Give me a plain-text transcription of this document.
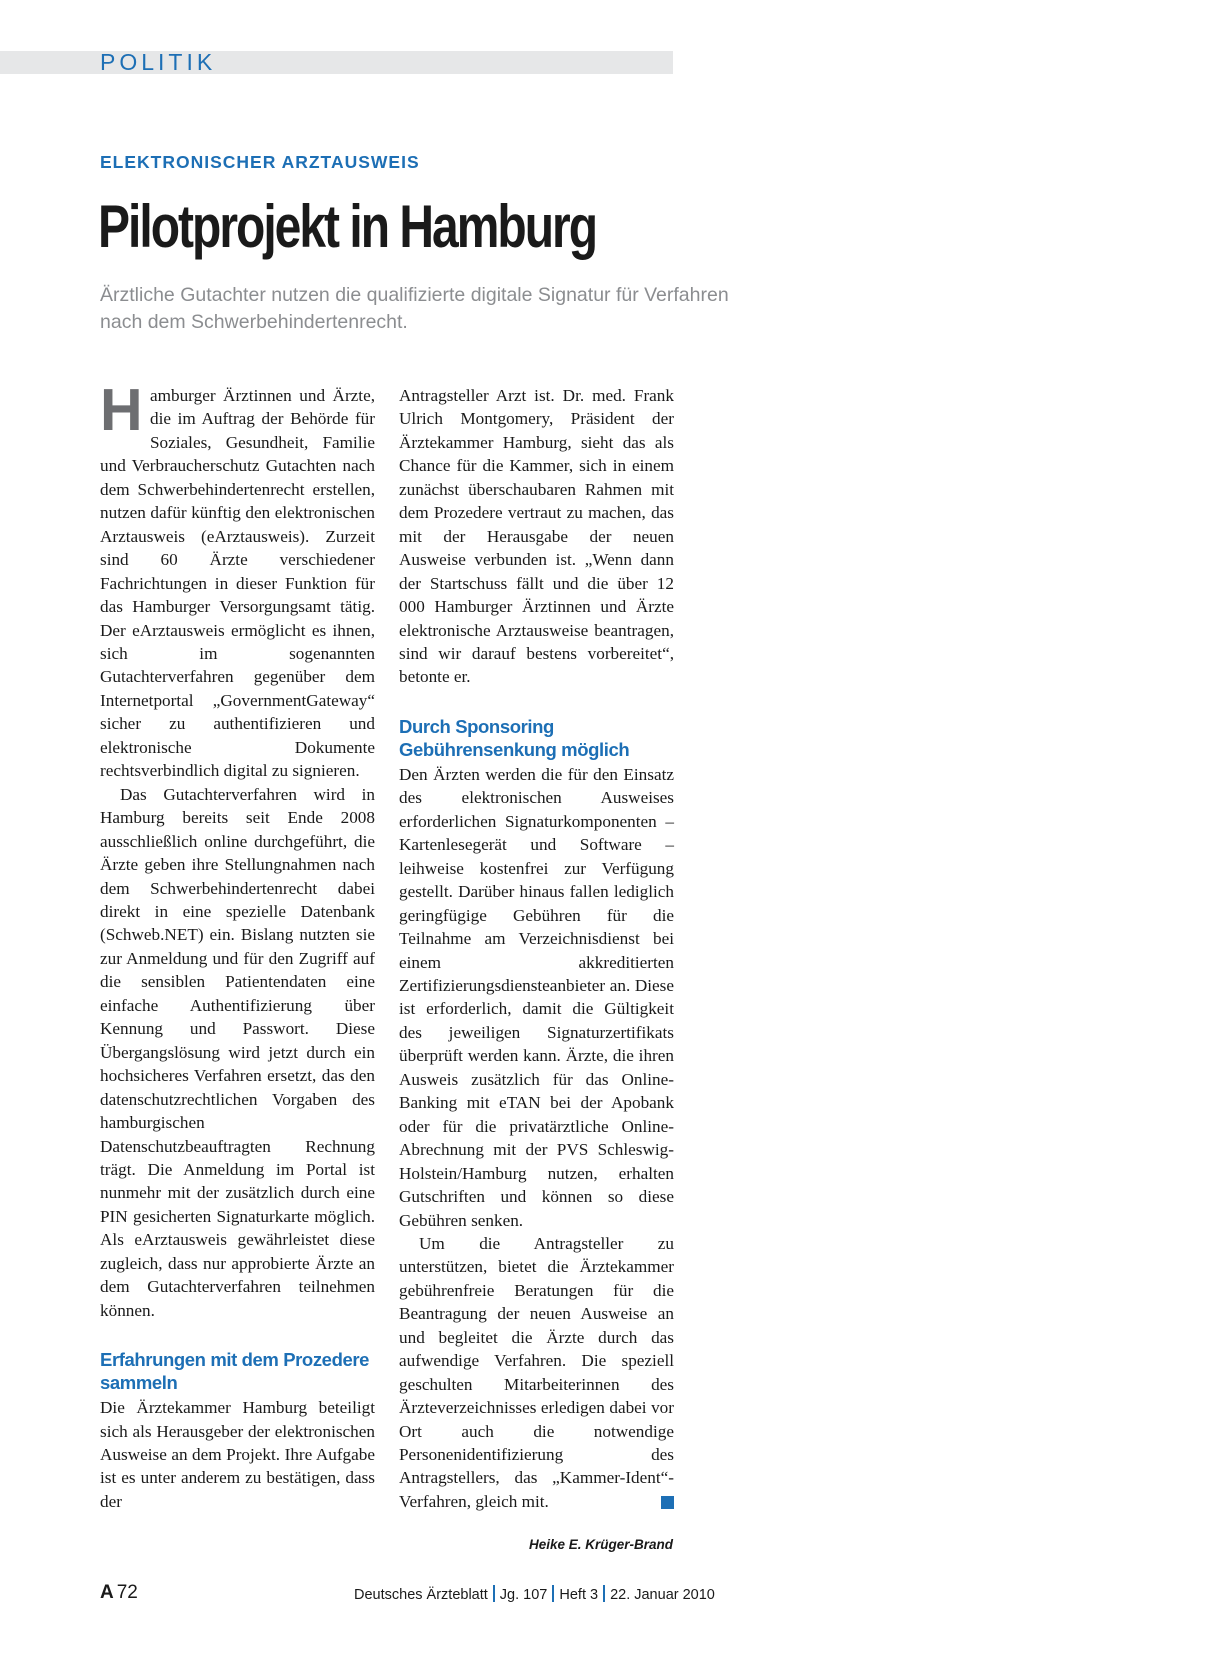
POLITIK
ELEKTRONISCHER ARZTAUSWEIS
Pilotprojekt in Hamburg

Ärztliche Gutachter nutzen die qualifizierte digitale Signatur für Verfahren nach dem Schwerbehindertenrecht.

Hamburger Ärztinnen und Ärzte, die im Auftrag der Behörde für Soziales, Gesundheit, Familie und Verbraucherschutz Gutachten nach dem Schwerbehindertenrecht erstellen, nutzen dafür künftig den elektronischen Arztausweis (eArztausweis). Zurzeit sind 60 Ärzte verschiedener Fachrichtungen in dieser Funktion für das Hamburger Versorgungsamt tätig. Der eArztausweis ermöglicht es ihnen, sich im sogenannten Gutachterverfahren gegenüber dem Internetportal „GovernmentGateway“ sicher zu authentifizieren und elektronische Dokumente rechtsverbindlich digital zu signieren.

Das Gutachterverfahren wird in Hamburg bereits seit Ende 2008 ausschließlich online durchgeführt, die Ärzte geben ihre Stellungnahmen nach dem Schwerbehindertenrecht dabei direkt in eine spezielle Datenbank (Schweb.NET) ein. Bislang nutzten sie zur Anmeldung und für den Zugriff auf die sensiblen Patientendaten eine einfache Authentifizierung über Kennung und Passwort. Diese Übergangslösung wird jetzt durch ein hochsicheres Verfahren ersetzt, das den datenschutzrechtlichen Vorgaben des hamburgischen Datenschutzbeauftragten Rechnung trägt. Die Anmeldung im Portal ist nunmehr mit der zusätzlich durch eine PIN gesicherten Signaturkarte möglich. Als eArztausweis gewährleistet diese zugleich, dass nur approbierte Ärzte an dem Gutachterverfahren teilnehmen können.

Erfahrungen mit dem Prozedere sammeln

Die Ärztekammer Hamburg beteiligt sich als Herausgeber der elektronischen Ausweise an dem Projekt. Ihre Aufgabe ist es unter anderem zu bestätigen, dass der

Antragsteller Arzt ist. Dr. med. Frank Ulrich Montgomery, Präsident der Ärztekammer Hamburg, sieht das als Chance für die Kammer, sich in einem zunächst überschaubaren Rahmen mit dem Prozedere vertraut zu machen, das mit der Herausgabe der neuen Ausweise verbunden ist. „Wenn dann der Startschuss fällt und die über 12 000 Hamburger Ärztinnen und Ärzte elektronische Arztausweise beantragen, sind wir darauf bestens vorbereitet“, betonte er.

Durch Sponsoring Gebührensenkung möglich

Den Ärzten werden die für den Einsatz des elektronischen Ausweises erforderlichen Signaturkomponenten – Kartenlesegerät und Software – leihweise kostenfrei zur Verfügung gestellt. Darüber hinaus fallen lediglich geringfügige Gebühren für die Teilnahme am Verzeichnisdienst bei einem akkreditierten Zertifizierungsdiensteanbieter an. Diese ist erforderlich, damit die Gültigkeit des jeweiligen Signaturzertifikats überprüft werden kann. Ärzte, die ihren Ausweis zusätzlich für das Online-Banking mit eTAN bei der Apobank oder für die privatärztliche Online-Abrechnung mit der PVS Schleswig-Holstein/Hamburg nutzen, erhalten Gutschriften und können so diese Gebühren senken.

Um die Antragsteller zu unterstützen, bietet die Ärztekammer gebührenfreie Beratungen für die Beantragung der neuen Ausweise an und begleitet die Ärzte durch das aufwendige Verfahren. Die speziell geschulten Mitarbeiterinnen des Ärzteverzeichnisses erledigen dabei vor Ort auch die notwendige Personenidentifizierung des Antragstellers, das „Kammer-Ident“-Verfahren, gleich mit.

Heike E. Krüger-Brand
A 72	Deutsches Ärzteblatt Jg. 107 Heft 3 22. Januar 2010
